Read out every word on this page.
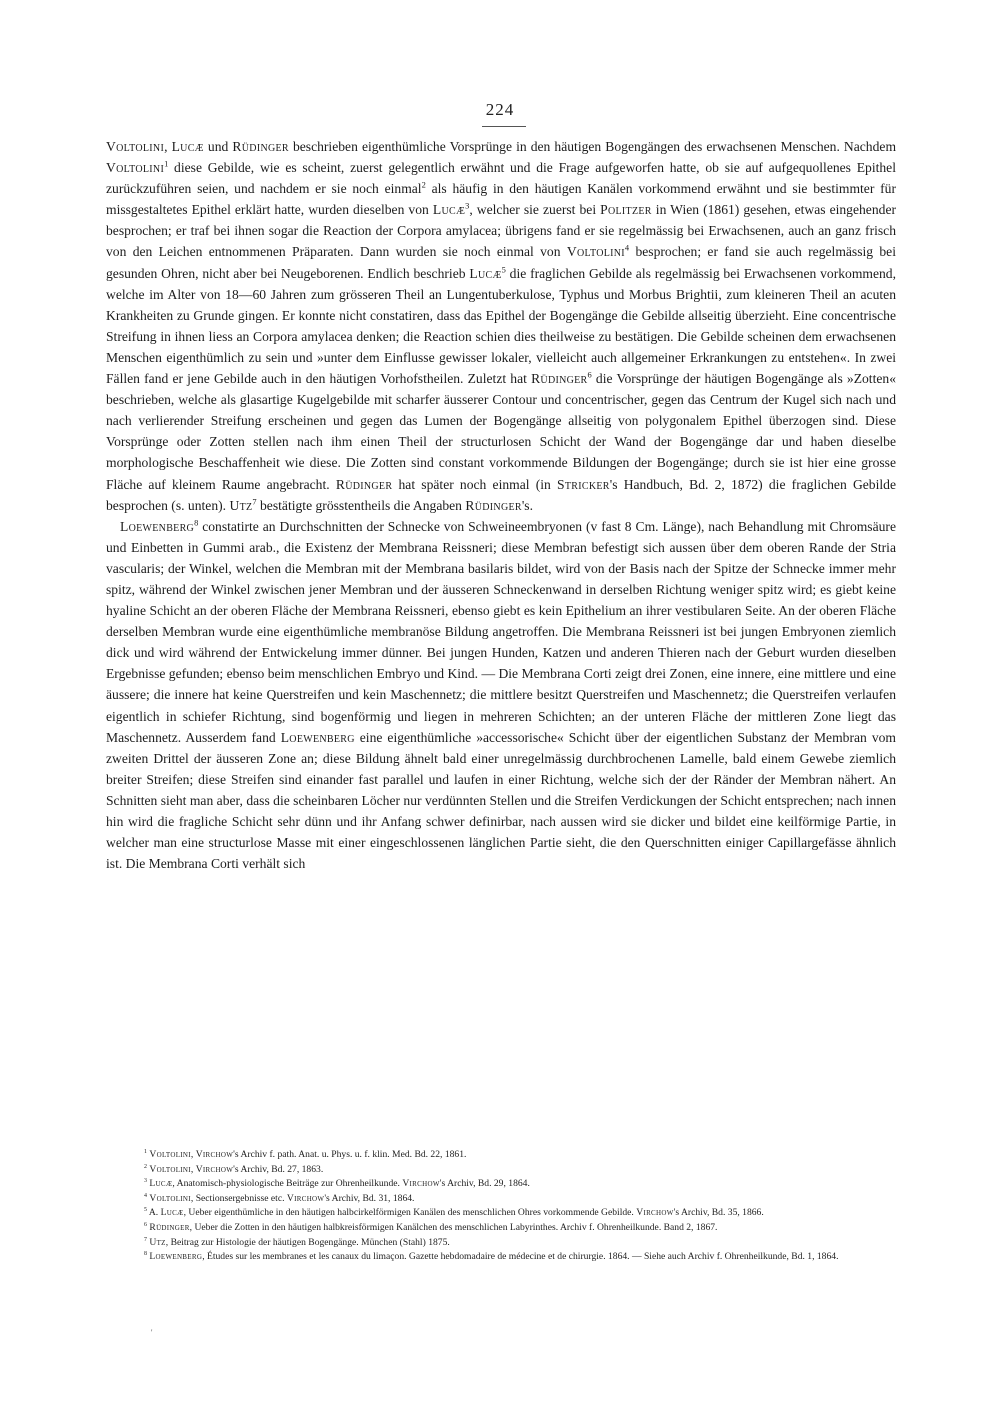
224

Voltolini, Lucæ und Rüdinger beschrieben eigenthümliche Vorsprünge in den häutigen Bogengängen des erwachsenen Menschen. Nachdem Voltolini$^1$ diese Gebilde, wie es scheint, zuerst gelegentlich erwähnt und die Frage aufgeworfen hatte, ob sie auf aufgequollenes Epithel zurückzuführen seien, und nachdem er sie noch einmal$^2$ als häufig in den häutigen Kanälen vorkommend erwähnt und sie bestimmter für missgestaltetes Epithel erklärt hatte, wurden dieselben von Lucæ$^3$, welcher sie zuerst bei Politzer in Wien (1861) gesehen, etwas eingehender besprochen; er traf bei ihnen sogar die Reaction der Corpora amylacea; übrigens fand er sie regelmässig bei Erwachsenen, auch an ganz frisch von den Leichen entnommenen Präparaten. Dann wurden sie noch einmal von Voltolini$^4$ besprochen; er fand sie auch regelmässig bei gesunden Ohren, nicht aber bei Neugeborenen. Endlich beschrieb Lucæ$^5$ die fraglichen Gebilde als regelmässig bei Erwachsenen vorkommend, welche im Alter von 18—60 Jahren zum grösseren Theil an Lungentuberkulose, Typhus und Morbus Brightii, zum kleineren Theil an acuten Krankheiten zu Grunde gingen. Er konnte nicht constatiren, dass das Epithel der Bogengänge die Gebilde allseitig überzieht. Eine concentrische Streifung in ihnen liess an Corpora amylacea denken; die Reaction schien dies theilweise zu bestätigen. Die Gebilde scheinen dem erwachsenen Menschen eigenthümlich zu sein und »unter dem Einflusse gewisser lokaler, vielleicht auch allgemeiner Erkrankungen zu entstehen«. In zwei Fällen fand er jene Gebilde auch in den häutigen Vorhofstheilen. Zuletzt hat Rüdinger$^6$ die Vorsprünge der häutigen Bogengänge als »Zotten« beschrieben, welche als glasartige Kugelgebilde mit scharfer äusserer Contour und concentrischer, gegen das Centrum der Kugel sich nach und nach verlierender Streifung erscheinen und gegen das Lumen der Bogengänge allseitig von polygonalem Epithel überzogen sind. Diese Vorsprünge oder Zotten stellen nach ihm einen Theil der structurlosen Schicht der Wand der Bogengänge dar und haben dieselbe morphologische Beschaffenheit wie diese. Die Zotten sind constant vorkommende Bildungen der Bogengänge; durch sie ist hier eine grosse Fläche auf kleinem Raume angebracht. Rüdinger hat später noch einmal (in Stricker's Handbuch, Bd. 2, 1872) die fraglichen Gebilde besprochen (s. unten). Utz$^7$ bestätigte grösstentheils die Angaben Rüdinger's.

Loewenberg$^8$ constatirte an Durchschnitten der Schnecke von Schweineembryonen (v fast 8 Cm. Länge), nach Behandlung mit Chromsäure und Einbetten in Gummi arab., die Existenz der Membrana Reissneri; diese Membran befestigt sich aussen über dem oberen Rande der Stria vascularis; der Winkel, welchen die Membran mit der Membrana basilaris bildet, wird von der Basis nach der Spitze der Schnecke immer mehr spitz, während der Winkel zwischen jener Membran und der äusseren Schneckenwand in derselben Richtung weniger spitz wird; es giebt keine hyaline Schicht an der oberen Fläche der Membrana Reissneri, ebenso giebt es kein Epithelium an ihrer vestibularen Seite. An der oberen Fläche derselben Membran wurde eine eigenthümliche membranöse Bildung angetroffen. Die Membrana Reissneri ist bei jungen Embryonen ziemlich dick und wird während der Entwickelung immer dünner. Bei jungen Hunden, Katzen und anderen Thieren nach der Geburt wurden dieselben Ergebnisse gefunden; ebenso beim menschlichen Embryo und Kind. — Die Membrana Corti zeigt drei Zonen, eine innere, eine mittlere und eine äussere; die innere hat keine Querstreifen und kein Maschennetz; die mittlere besitzt Querstreifen und Maschennetz; die Querstreifen verlaufen eigentlich in schiefer Richtung, sind bogenförmig und liegen in mehreren Schichten; an der unteren Fläche der mittleren Zone liegt das Maschennetz. Ausserdem fand Loewenberg eine eigenthümliche »accessorische« Schicht über der eigentlichen Substanz der Membran vom zweiten Drittel der äusseren Zone an; diese Bildung ähnelt bald einer unregelmässig durchbrochenen Lamelle, bald einem Gewebe ziemlich breiter Streifen; diese Streifen sind einander fast parallel und laufen in einer Richtung, welche sich der der Ränder der Membran nähert. An Schnitten sieht man aber, dass die scheinbaren Löcher nur verdünnten Stellen und die Streifen Verdickungen der Schicht entsprechen; nach innen hin wird die fragliche Schicht sehr dünn und ihr Anfang schwer definirbar, nach aussen wird sie dicker und bildet eine keilförmige Partie, in welcher man eine structurlose Masse mit einer eingeschlossenen länglichen Partie sieht, die den Querschnitten einiger Capillargefässe ähnlich ist. Die Membrana Corti verhält sich

$^1$ Voltolini, Virchow's Archiv f. path. Anat. u. Phys. u. f. klin. Med. Bd. 22, 1861.

$^2$ Voltolini, Virchow's Archiv, Bd. 27, 1863.

$^3$ Lucæ, Anatomisch-physiologische Beiträge zur Ohrenheilkunde. Virchow's Archiv, Bd. 29, 1864.

$^4$ Voltolini, Sectionsergebnisse etc. Virchow's Archiv, Bd. 31, 1864.

$^5$ A. Lucæ, Ueber eigenthümliche in den häutigen halbcirkelförmigen Kanälen des menschlichen Ohres vorkommende Gebilde. Virchow's Archiv, Bd. 35, 1866.

$^6$ Rüdinger, Ueber die Zotten in den häutigen halbkreisförmigen Kanälchen des menschlichen Labyrinthes. Archiv f. Ohrenheilkunde. Band 2, 1867.

$^7$ Utz, Beitrag zur Histologie der häutigen Bogengänge. München (Stahl) 1875.

$^8$ Loewenberg, Études sur les membranes et les canaux du limaçon. Gazette hebdomadaire de médecine et de chirurgie. 1864. — Siehe auch Archiv f. Ohrenheilkunde, Bd. 1, 1864.

'
